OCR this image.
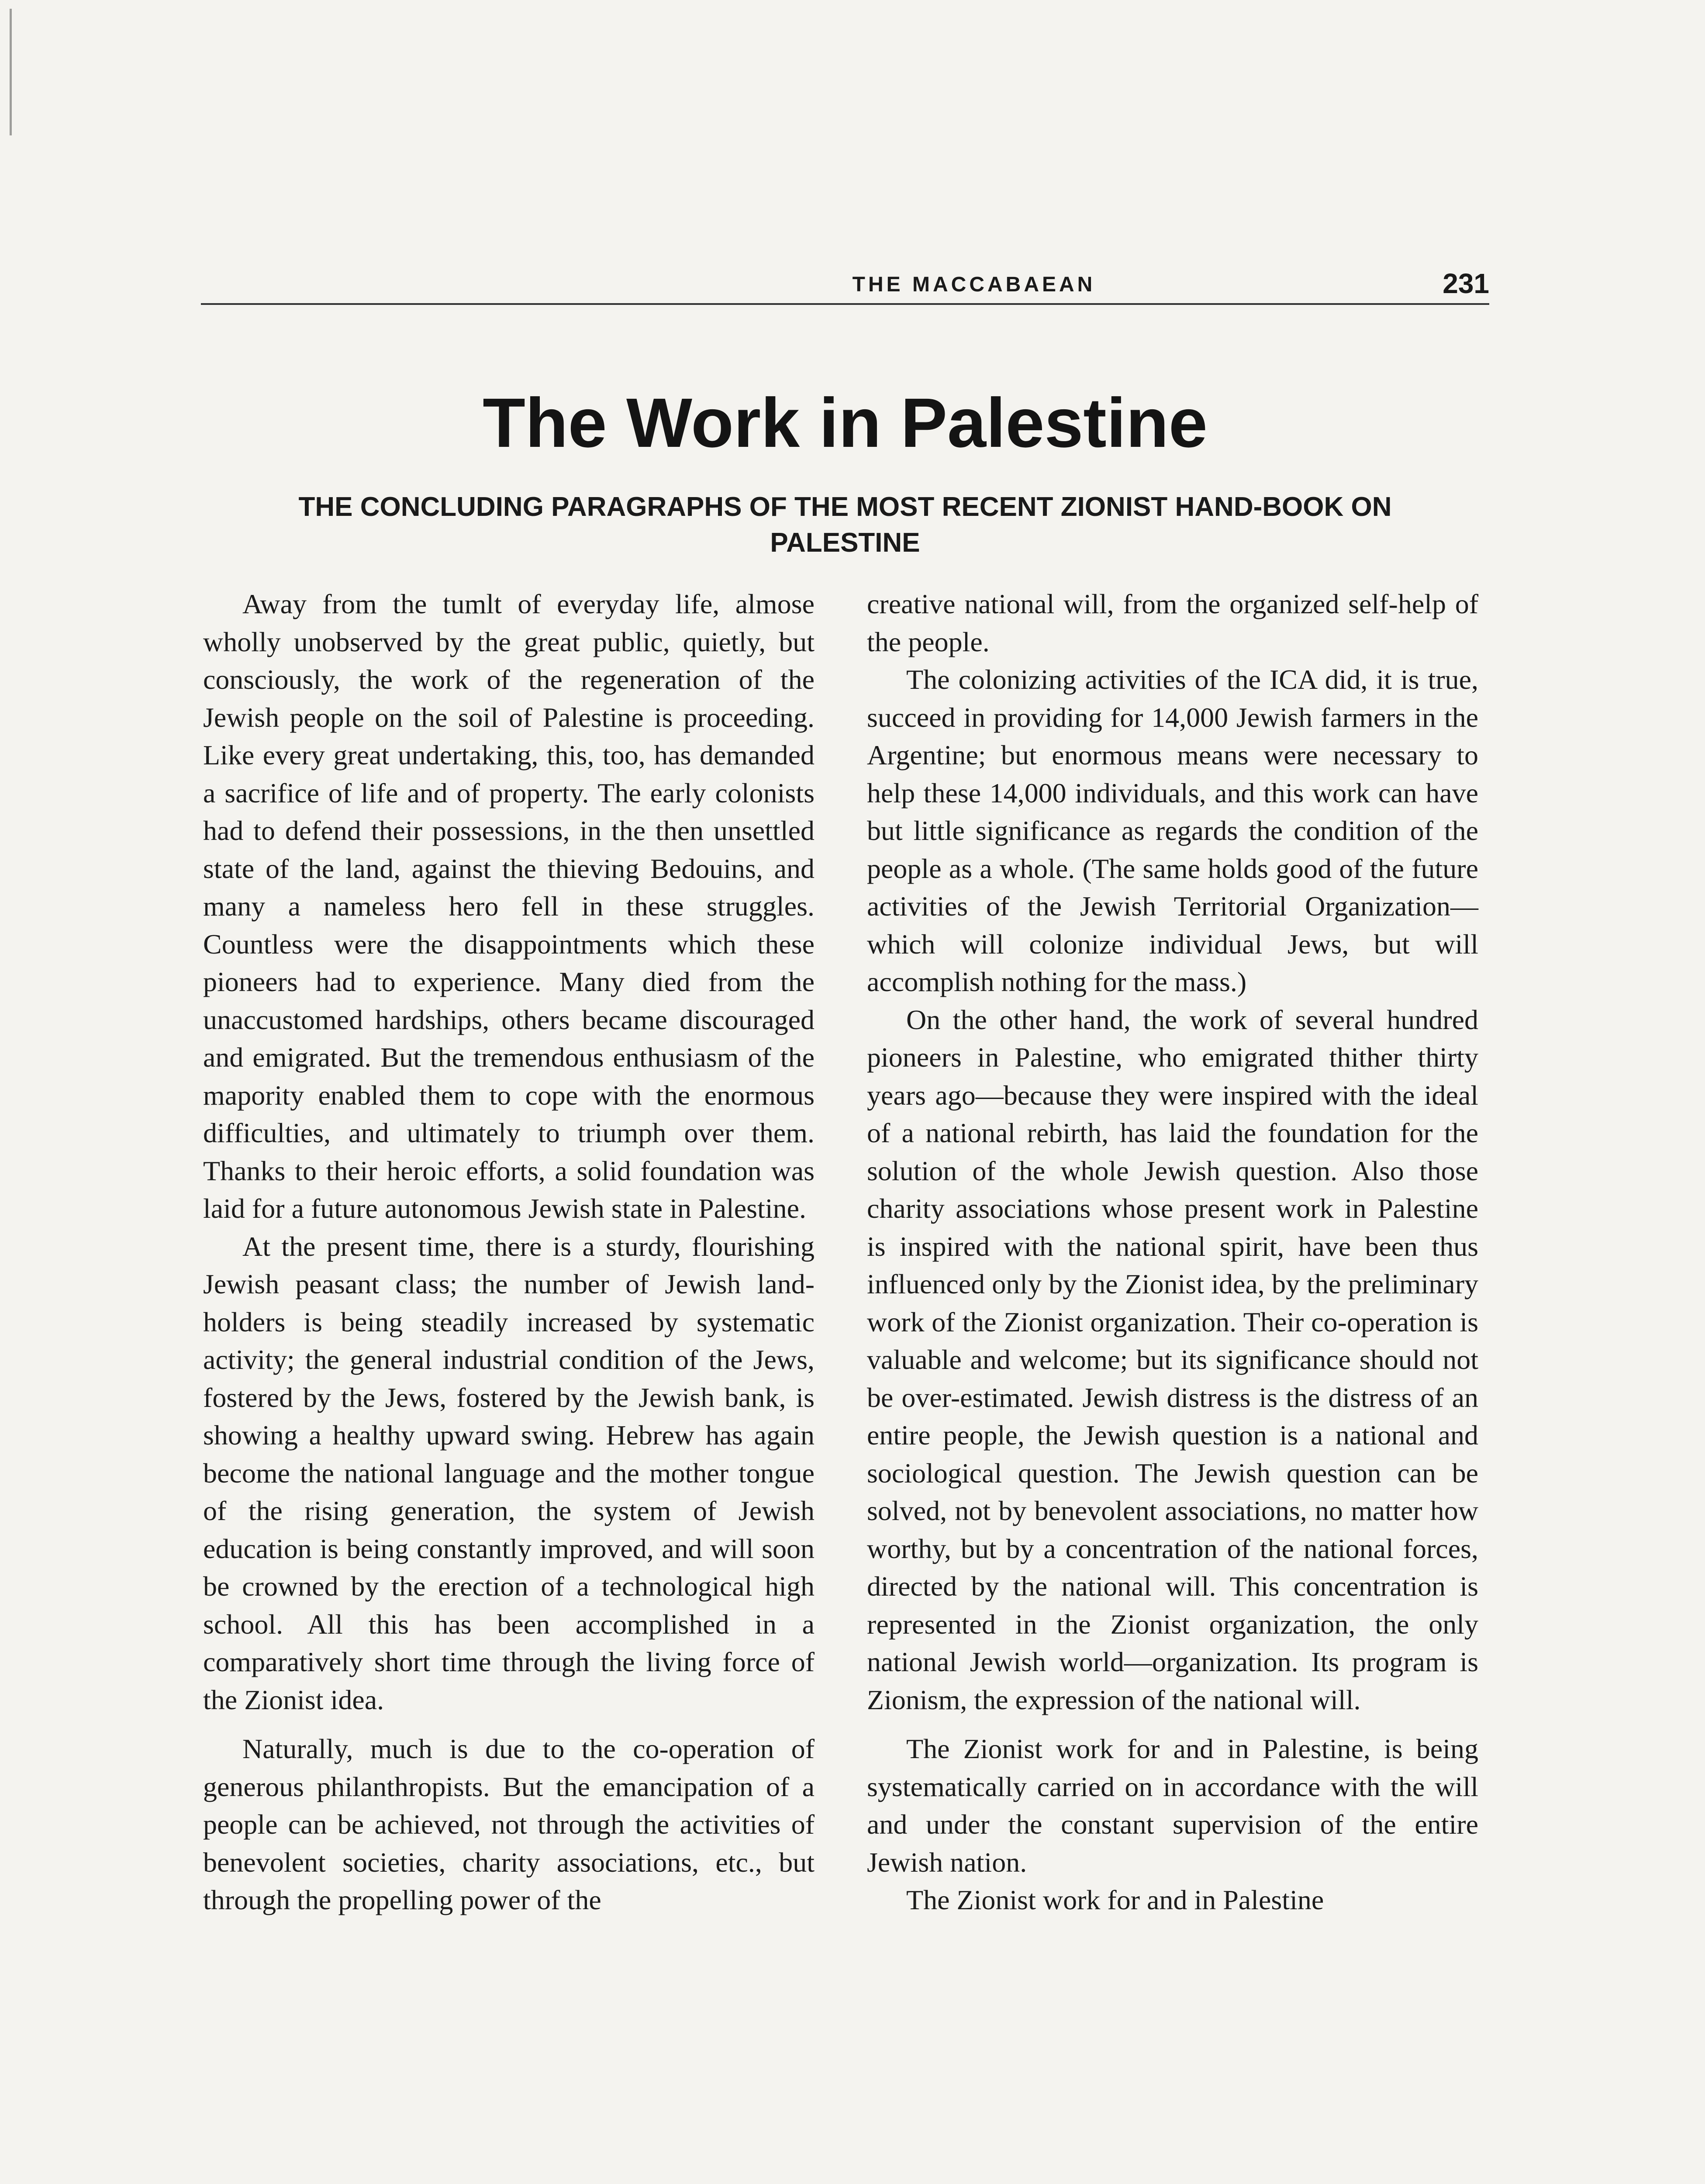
THE MACCABAEAN	231
The Work in Palestine
THE CONCLUDING PARAGRAPHS OF THE MOST RECENT ZIONIST HAND-BOOK ON PALESTINE

Away from the tumlt of everyday life, almose wholly unobserved by the great public, quietly, but consciously, the work of the regeneration of the Jewish people on the soil of Palestine is proceeding. Like every great undertaking, this, too, has demanded a sacrifice of life and of property. The early colonists had to defend their possessions, in the then unsettled state of the land, against the thieving Bedouins, and many a nameless hero fell in these struggles. Countless were the disappointments which these pioneers had to experience. Many died from the unaccustomed hardships, others became discouraged and emigrated. But the tremendous enthusiasm of the mapority enabled them to cope with the enormous difficulties, and ultimately to triumph over them. Thanks to their heroic efforts, a solid foundation was laid for a future autonomous Jewish state in Palestine.

At the present time, there is a sturdy, flourishing Jewish peasant class; the number of Jewish land-holders is being steadily increased by systematic activity; the general industrial condition of the Jews, fostered by the Jews, fostered by the Jewish bank, is showing a healthy upward swing. Hebrew has again become the national language and the mother tongue of the rising generation, the system of Jewish education is being constantly improved, and will soon be crowned by the erection of a technological high school. All this has been accomplished in a comparatively short time through the living force of the Zionist idea.

Naturally, much is due to the co-operation of generous philanthropists. But the emancipation of a people can be achieved, not through the activities of benevolent societies, charity associations, etc., but through the propelling power of the

creative national will, from the organized self-help of the people.

The colonizing activities of the ICA did, it is true, succeed in providing for 14,000 Jewish farmers in the Argentine; but enormous means were necessary to help these 14,000 individuals, and this work can have but little significance as regards the condition of the people as a whole. (The same holds good of the future activities of the Jewish Territorial Organization—which will colonize individual Jews, but will accomplish nothing for the mass.)

On the other hand, the work of several hundred pioneers in Palestine, who emigrated thither thirty years ago—because they were inspired with the ideal of a national rebirth, has laid the foundation for the solution of the whole Jewish question. Also those charity associations whose present work in Palestine is inspired with the national spirit, have been thus influenced only by the Zionist idea, by the preliminary work of the Zionist organization. Their co-operation is valuable and welcome; but its significance should not be over-estimated. Jewish distress is the distress of an entire people, the Jewish question is a national and sociological question. The Jewish question can be solved, not by benevolent associations, no matter how worthy, but by a concentration of the national forces, directed by the national will. This concentration is represented in the Zionist organization, the only national Jewish world—organization. Its program is Zionism, the expression of the national will.

The Zionist work for and in Palestine, is being systematically carried on in accordance with the will and under the constant supervision of the entire Jewish nation.

The Zionist work for and in Palestine
